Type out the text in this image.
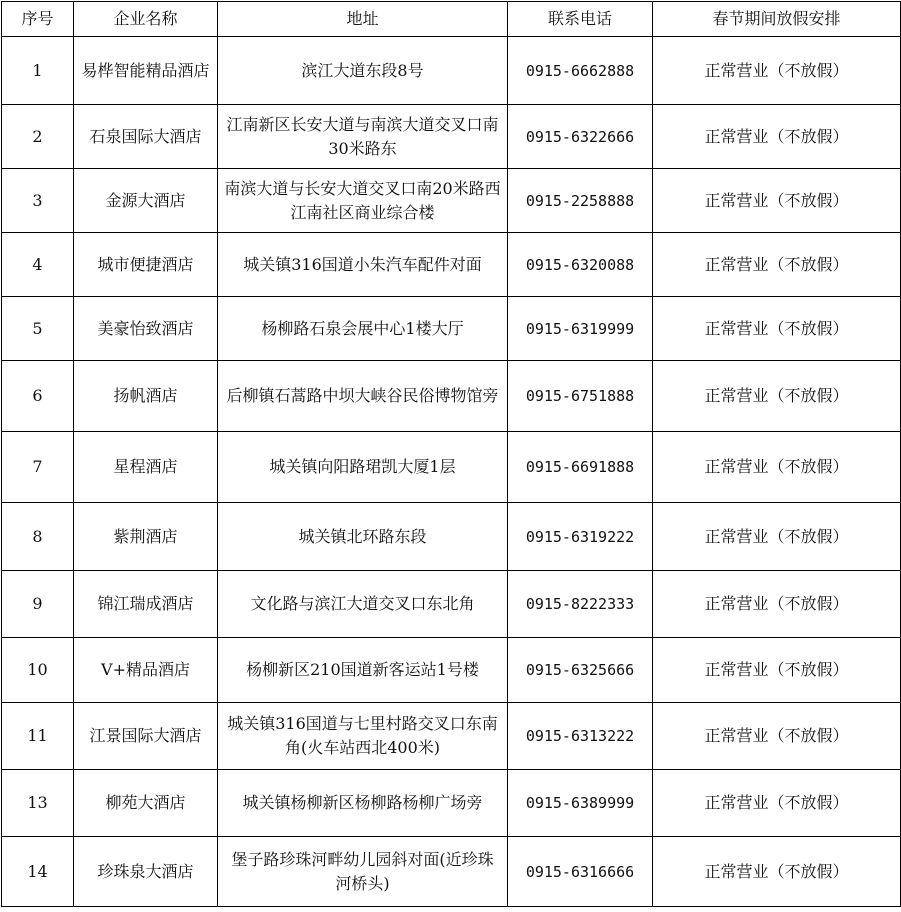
序号	企业名称	地址	联系电话	春节期间放假安排
1	易桦智能精品酒店	滨江大道东段8号	0915-6662888	正常营业（不放假）
2	石泉国际大酒店	江南新区长安大道与南滨大道交叉口南30米路东	0915-6322666	正常营业（不放假）
3	金源大酒店	南滨大道与长安大道交叉口南20米路西江南社区商业综合楼	0915-2258888	正常营业（不放假）
4	城市便捷酒店	城关镇316国道小朱汽车配件对面	0915-6320088	正常营业（不放假）
5	美豪怡致酒店	杨柳路石泉会展中心1楼大厅	0915-6319999	正常营业（不放假）
6	扬帆酒店	后柳镇石蒿路中坝大峡谷民俗博物馆旁	0915-6751888	正常营业（不放假）
7	星程酒店	城关镇向阳路珺凯大厦1层	0915-6691888	正常营业（不放假）
8	紫荆酒店	城关镇北环路东段	0915-6319222	正常营业（不放假）
9	锦江瑞成酒店	文化路与滨江大道交叉口东北角	0915-8222333	正常营业（不放假）
10	V+精品酒店	杨柳新区210国道新客运站1号楼	0915-6325666	正常营业（不放假）
11	江景国际大酒店	城关镇316国道与七里村路交叉口东南角(火车站西北400米)	0915-6313222	正常营业（不放假）
13	柳苑大酒店	城关镇杨柳新区杨柳路杨柳广场旁	0915-6389999	正常营业（不放假）
14	珍珠泉大酒店	堡子路珍珠河畔幼儿园斜对面(近珍珠河桥头)	0915-6316666	正常营业（不放假）
